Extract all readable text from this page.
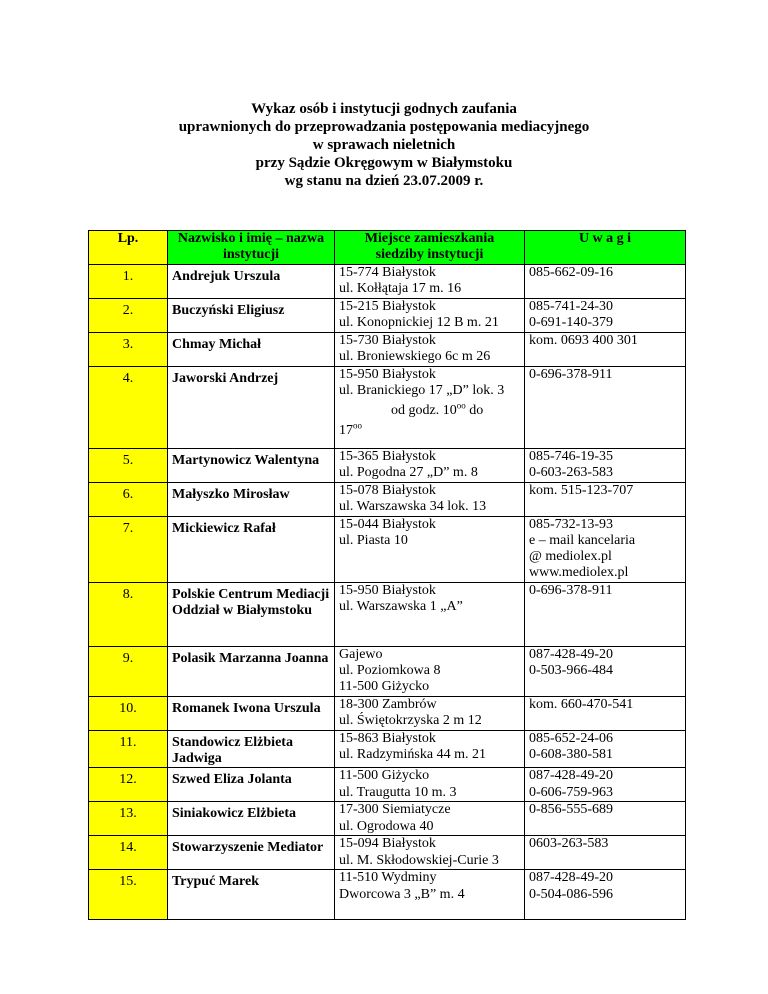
Wykaz osób i instytucji godnych zaufania
uprawnionych do przeprowadzania postępowania mediacyjnego
w sprawach nieletnich
przy Sądzie Okręgowym w Białymstoku
wg stanu na dzień 23.07.2009 r.
Lp.	Nazwisko i imię – nazwa instytucji	Miejsce zamieszkania siedziby instytucji	U w a g i
1.	Andrejuk Urszula	15-774 Białystok
ul. Kołłątaja 17 m. 16	085-662-09-16
2.	Buczyński Eligiusz	15-215 Białystok
ul. Konopnickiej 12 B m. 21	085-741-24-30
0-691-140-379
3.	Chmay Michał	15-730 Białystok
ul. Broniewskiego 6c m 26	kom. 0693 400 301
4.	Jaworski Andrzej	15-950 Białystok
ul. Branickiego 17 „D” lok. 3
od godz. $10^{oo}$ do
$17^{oo}$	0-696-378-911
5.	Martynowicz Walentyna	15-365 Białystok
ul. Pogodna 27 „D” m. 8	085-746-19-35
0-603-263-583
6.	Małyszko Mirosław	15-078 Białystok
ul. Warszawska 34 lok. 13	kom. 515-123-707
7.	Mickiewicz Rafał	15-044 Białystok
ul. Piasta 10	085-732-13-93
e – mail kancelaria
@ mediolex.pl
www.mediolex.pl
8.	Polskie Centrum Mediacji Oddział w Białymstoku	15-950 Białystok
ul. Warszawska 1 „A”	0-696-378-911
9.	Polasik Marzanna Joanna	Gajewo
ul. Poziomkowa 8
11-500 Giżycko	087-428-49-20
0-503-966-484
10.	Romanek Iwona Urszula	18-300 Zambrów
ul. Świętokrzyska 2 m 12	kom. 660-470-541
11.	Standowicz Elżbieta Jadwiga	15-863 Białystok
ul. Radzymińska 44 m. 21	085-652-24-06
0-608-380-581
12.	Szwed Eliza Jolanta	11-500 Giżycko
ul. Traugutta 10 m. 3	087-428-49-20
0-606-759-963
13.	Siniakowicz Elżbieta	17-300 Siemiatycze
ul. Ogrodowa 40	0-856-555-689
14.	Stowarzyszenie Mediator	15-094 Białystok
ul. M. Skłodowskiej-Curie 3	0603-263-583
15.	Trypuć Marek	11-510 Wydminy
Dworcowa 3 „B” m. 4	087-428-49-20
0-504-086-596
